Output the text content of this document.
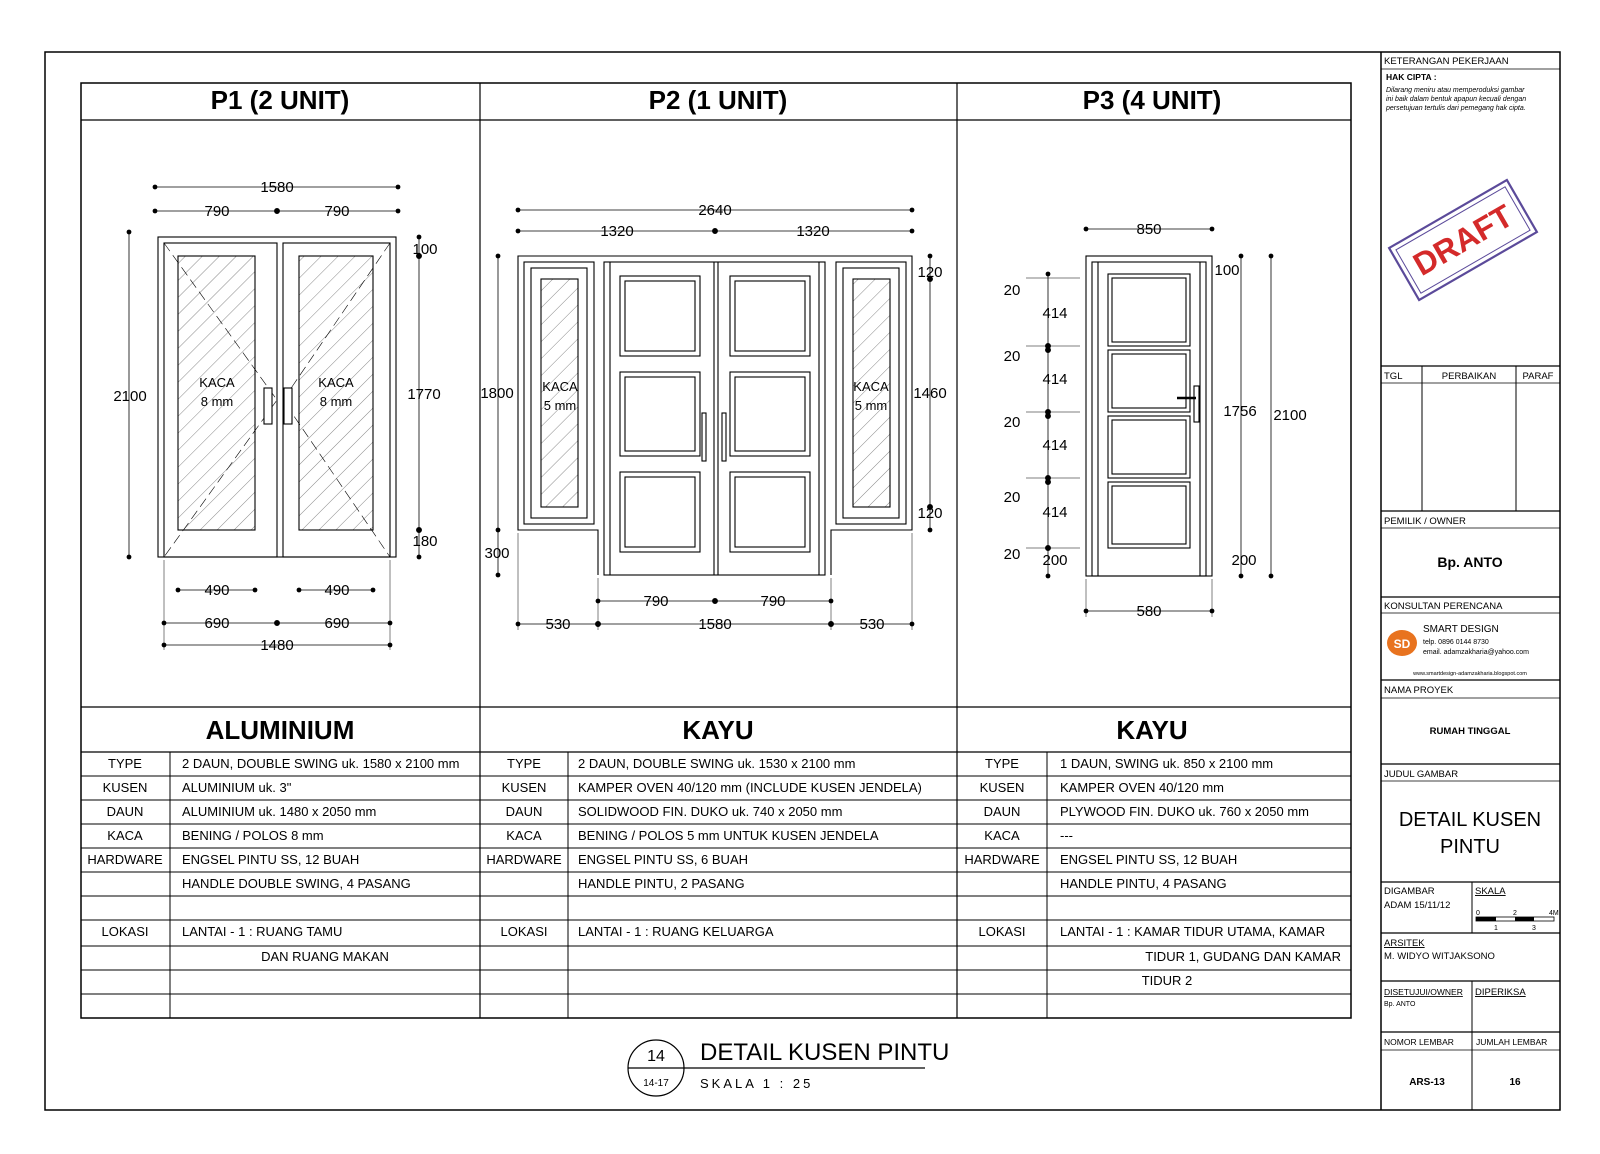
P1 (2 UNIT)	P2 (1 UNIT)	P3 (4 UNIT)
ALUMINIUM	KAYU	KAYU
TYPE	2 DAUN, DOUBLE SWING uk. 1580 x 2100 mm
KUSEN	ALUMINIUM uk. 3"
DAUN	ALUMINIUM uk. 1480 x 2050 mm
KACA	BENING / POLOS 8 mm
HARDWARE ENGSEL PINTU SS, 12 BUAH
HANDLE DOUBLE SWING, 4 PASANG
LOKASI	LANTAI - 1 : RUANG TAMU
DAN RUANG MAKAN
TYPE	2 DAUN, DOUBLE SWING uk. 1530 x 2100 mm
KUSEN KAMPER OVEN 40/120 mm (INCLUDE KUSEN JENDELA)
DAUN	SOLIDWOOD FIN. DUKO uk. 740 x 2050 mm
KACA	BENING / POLOS 5 mm UNTUK KUSEN JENDELA
HARDWARE ENGSEL PINTU SS, 6 BUAH
HANDLE PINTU, 2 PASANG
LOKASI LANTAI - 1 : RUANG KELUARGA
TYPE	1 DAUN, SWING uk. 850 x 2100 mm
KUSEN	KAMPER OVEN 40/120 mm
DAUN	PLYWOOD FIN. DUKO uk. 760 x 2050 mm
KACA	---
HARDWARE ENGSEL PINTU SS, 12 BUAH
HANDLE PINTU, 4 PASANG
LOKASI	LANTAI - 1 : KAMAR TIDUR UTAMA, KAMAR
TIDUR 1, GUDANG DAN KAMAR
TIDUR 2
1580
790	790
100
2100	1770
180
490	490
690	690
1480
KACA
8 mm
KACA
8 mm
2640
1320	1320
120
1800	1460
120
300
790	790
530	1580	530
KACA
5 mm
KACA
5 mm
850
100
20
414
20
414
20
414
20
414
20
1756 2100
200	200
580
14
14-17
DETAIL KUSEN PINTU
SKALA 1 : 25
KETERANGAN PEKERJAAN
HAK CIPTA :
Dilarang meniru atau memperoduksi gambar
ini baik dalam bentuk apapun kecuali dengan
persetujuan tertulis dari pemegang hak cipta.
DRAFT
TGL	PERBAIKAN	PARAF
PEMILIK / OWNER
Bp. ANTO
KONSULTAN PERENCANA
SD
SMART DESIGN
telp. 0896 0144 8730
email. adamzakharia@yahoo.com
www.smartdesign-adamzakharia.blogspot.com
NAMA PROYEK
RUMAH TINGGAL
JUDUL GAMBAR
DETAIL KUSEN
PINTU
DIGAMBAR
ADAM 15/11/12
SKALA
0	2	4M
1	3
ARSITEK
M. WIDYO WITJAKSONO
DISETUJUI/OWNER
Bp. ANTO
DIPERIKSA
NOMOR LEMBAR	JUMLAH LEMBAR
ARS-13	16
